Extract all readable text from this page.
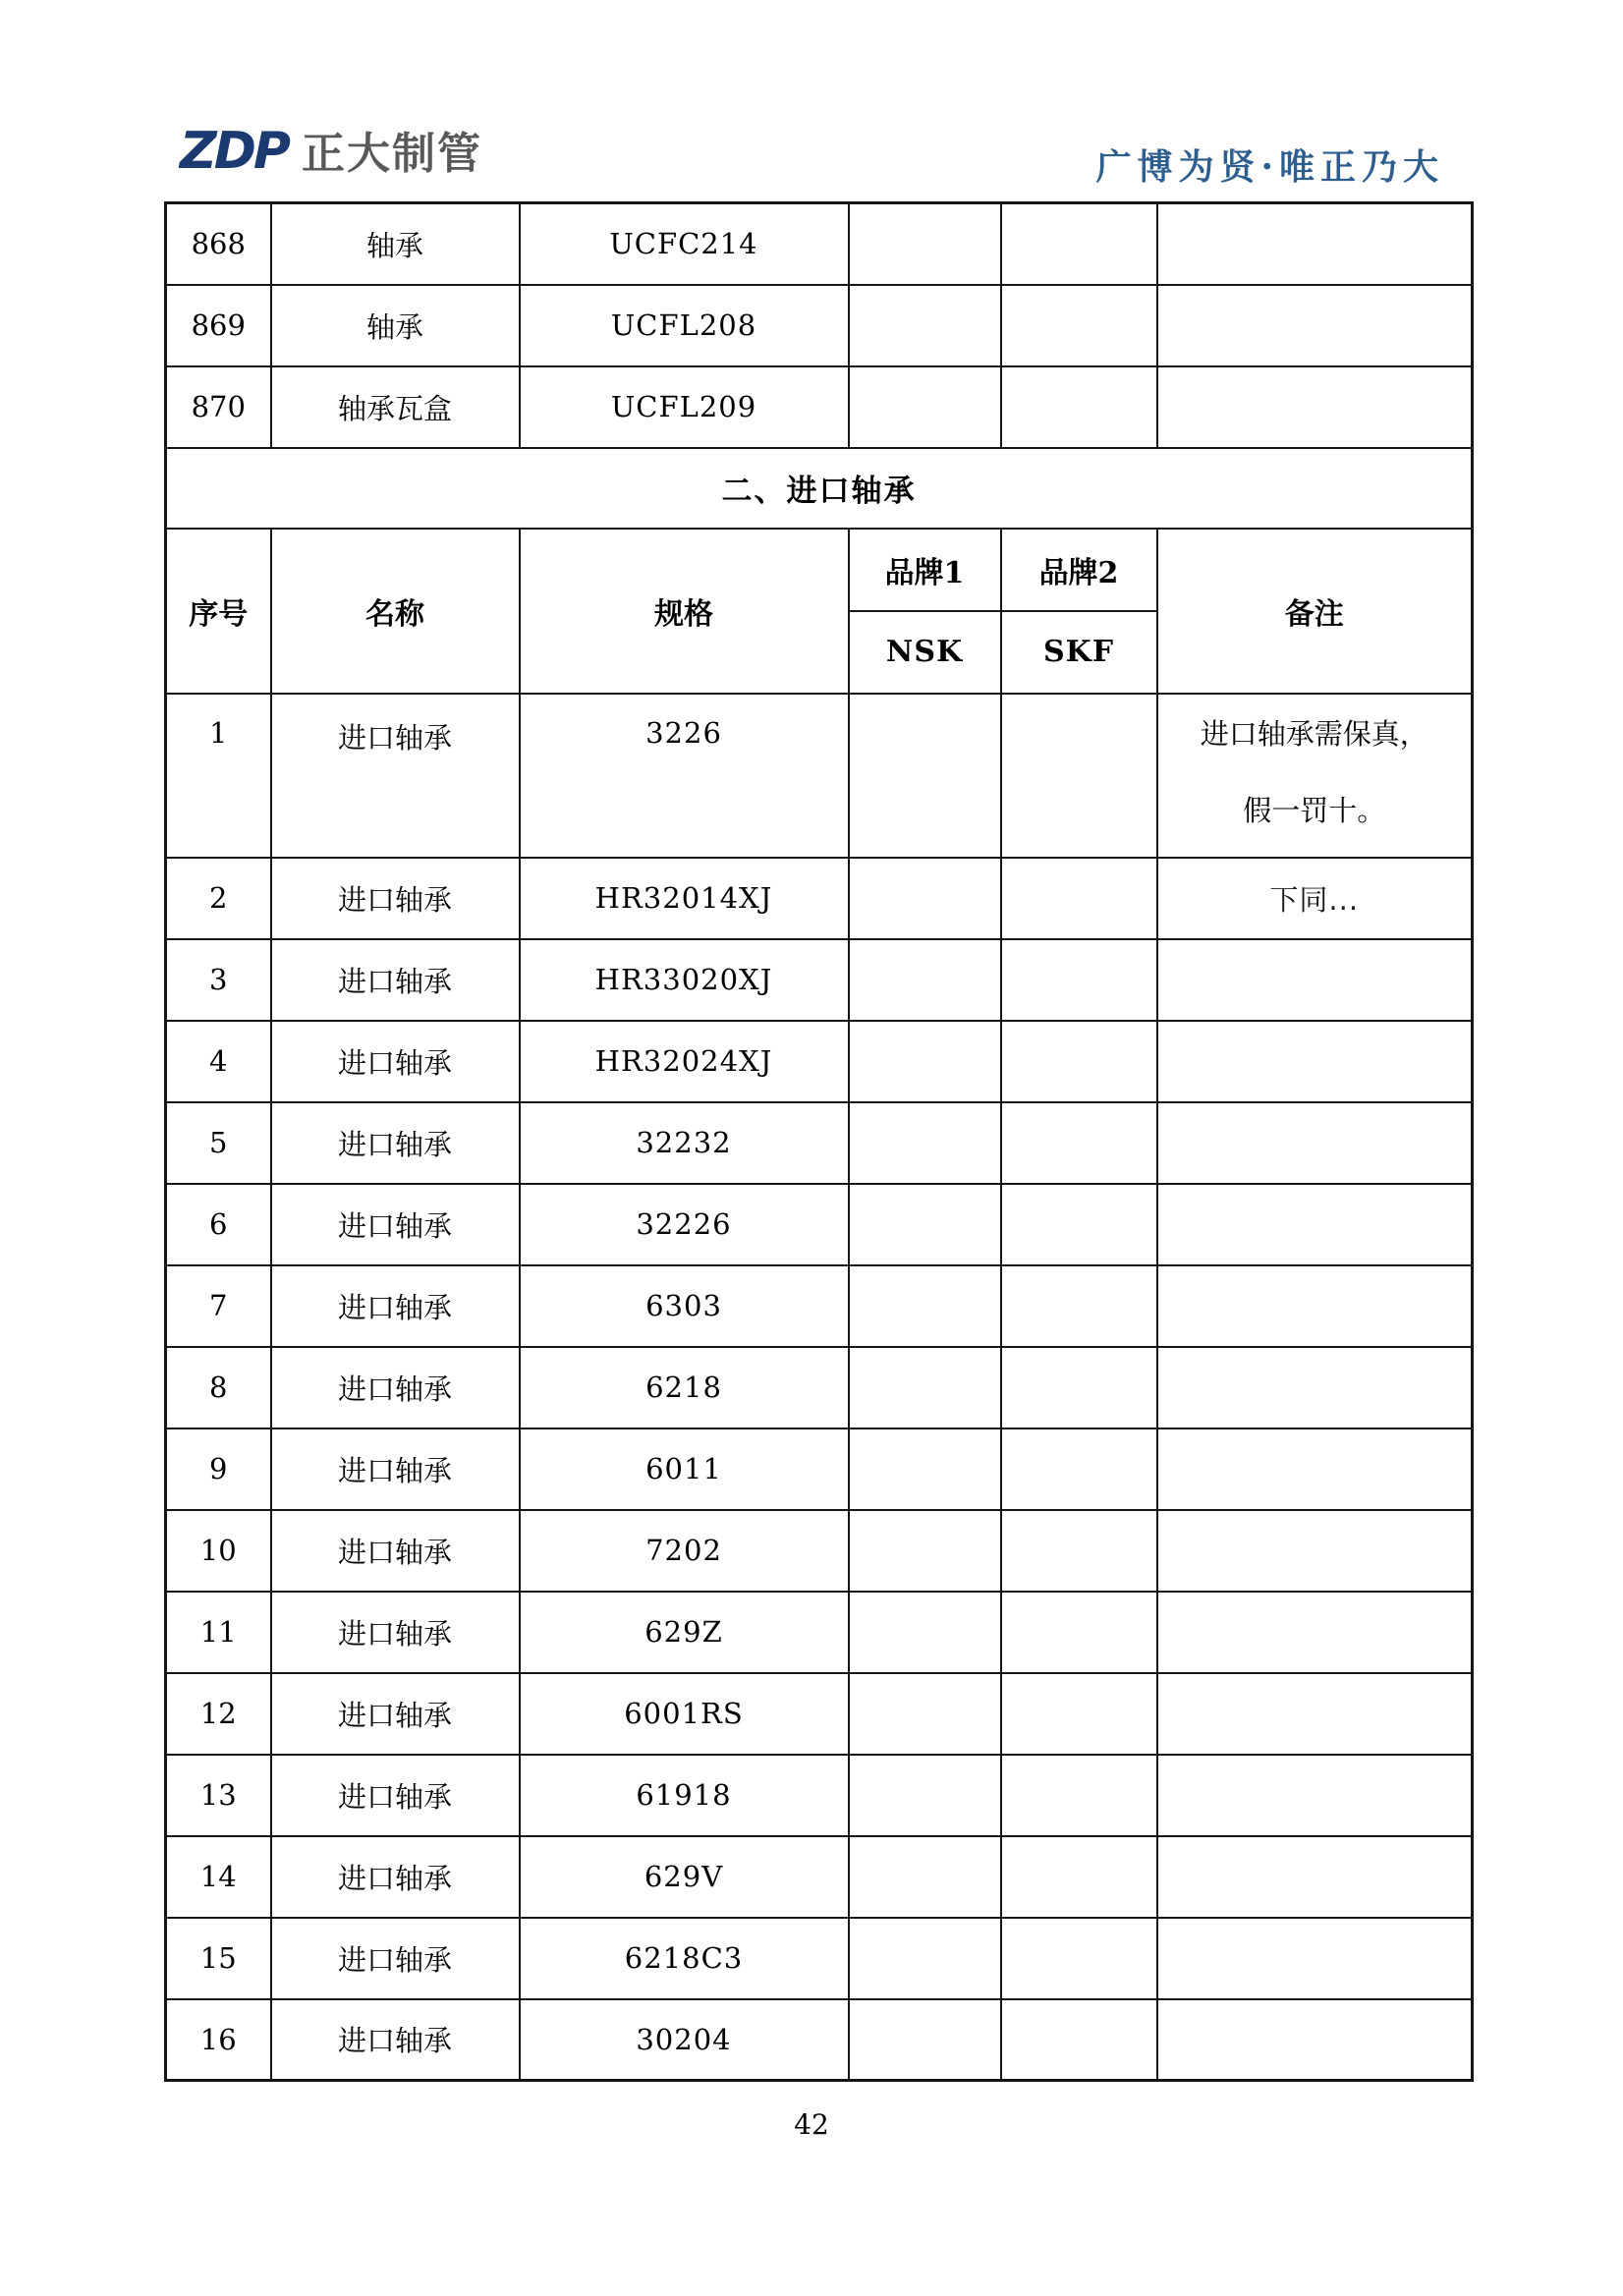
ZDP 正大制管	广博为贤·唯正乃大
868	轴承	UCFC214			
869	轴承	UCFL208			
870	轴承瓦盒	UCFL209			
二、进口轴承					
序号	名称	规格	品牌1	品牌2	备注
			NSK	SKF	
1	进口轴承	3226			进口轴承需保真，
假一罚十。

2	进口轴承	HR32014XJ			下同...
3	进口轴承	HR33020XJ			
4	进口轴承	HR32024XJ			
5	进口轴承	32232			
6	进口轴承	32226			
7	进口轴承	6303			
8	进口轴承	6218			
9	进口轴承	6011			
10	进口轴承	7202			
11	进口轴承	629Z			
12	进口轴承	6001RS			
13	进口轴承	61918			
14	进口轴承	629V			
15	进口轴承	6218C3			
16	进口轴承	30204			
42
